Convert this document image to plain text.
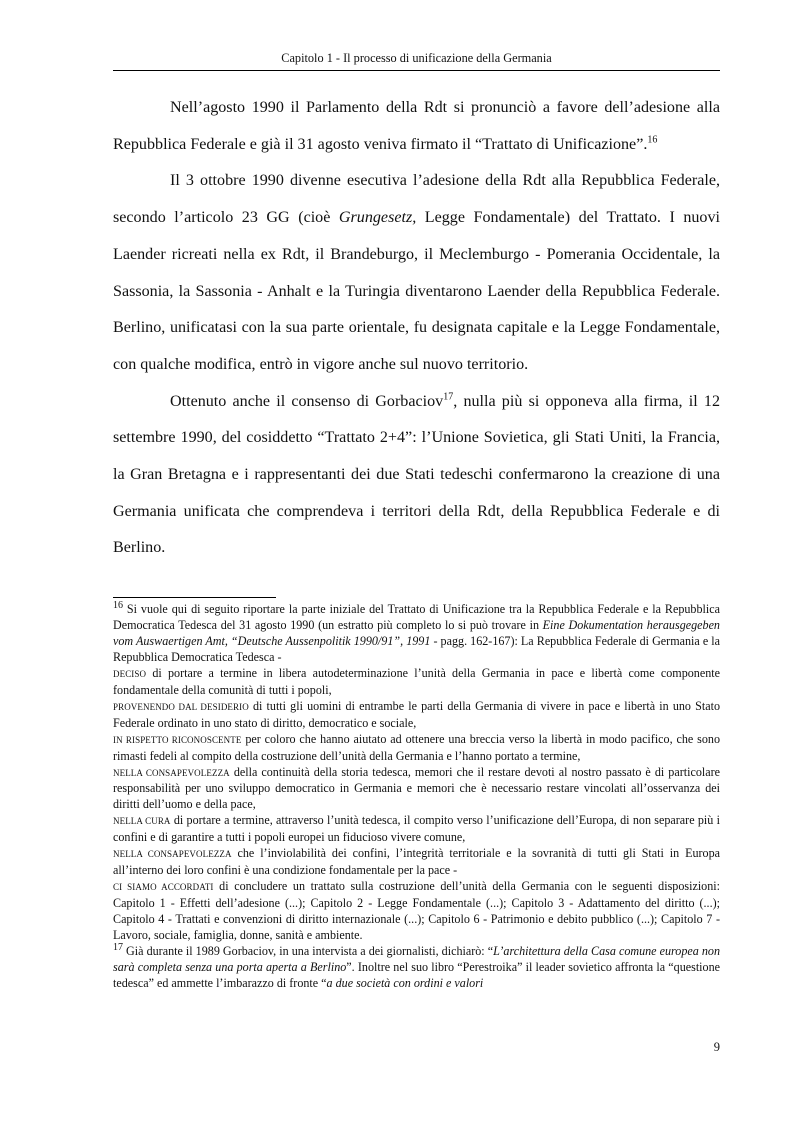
Capitolo 1 - Il processo di unificazione della Germania

Nell’agosto 1990 il Parlamento della Rdt si pronunciò a favore dell’adesione alla Repubblica Federale e già il 31 agosto veniva firmato il “Trattato di Unificazione”.$^{16}$

Il 3 ottobre 1990 divenne esecutiva l’adesione della Rdt alla Repubblica Federale, secondo l’articolo 23 GG (cioè Grungesetz, Legge Fondamentale) del Trattato. I nuovi Laender ricreati nella ex Rdt, il Brandeburgo, il Meclemburgo - Pomerania Occidentale, la Sassonia, la Sassonia - Anhalt e la Turingia diventarono Laender della Repubblica Federale. Berlino, unificatasi con la sua parte orientale, fu designata capitale e la Legge Fondamentale, con qualche modifica, entrò in vigore anche sul nuovo territorio.

Ottenuto anche il consenso di Gorbaciov$^{17}$, nulla più si opponeva alla firma, il 12 settembre 1990, del cosiddetto “Trattato 2+4”: l’Unione Sovietica, gli Stati Uniti, la Francia, la Gran Bretagna e i rappresentanti dei due Stati tedeschi confermarono la creazione di una Germania unificata che comprendeva i territori della Rdt, della Repubblica Federale e di Berlino.

$^{16}$ Si vuole qui di seguito riportare la parte iniziale del Trattato di Unificazione tra la Repubblica Federale e la Repubblica Democratica Tedesca del 31 agosto 1990 (un estratto più completo lo si può trovare in Eine Dokumentation herausgegeben vom Auswaertigen Amt, “Deutsche Aussenpolitik 1990/91”, 1991 - pagg. 162-167): La Repubblica Federale di Germania e la Repubblica Democratica Tedesca -

DECISO di portare a termine in libera autodeterminazione l’unità della Germania in pace e libertà come componente fondamentale della comunità di tutti i popoli,

PROVENENDO DAL DESIDERIO di tutti gli uomini di entrambe le parti della Germania di vivere in pace e libertà in uno Stato Federale ordinato in uno stato di diritto, democratico e sociale,

IN RISPETTO RICONOSCENTE per coloro che hanno aiutato ad ottenere una breccia verso la libertà in modo pacifico, che sono rimasti fedeli al compito della costruzione dell’unità della Germania e l’hanno portato a termine,

NELLA CONSAPEVOLEZZA della continuità della storia tedesca, memori che il restare devoti al nostro passato è di particolare responsabilità per uno sviluppo democratico in Germania e memori che è necessario restare vincolati all’osservanza dei diritti dell’uomo e della pace,

NELLA CURA di portare a termine, attraverso l’unità tedesca, il compito verso l’unificazione dell’Europa, di non separare più i confini e di garantire a tutti i popoli europei un fiducioso vivere comune,

NELLA CONSAPEVOLEZZA che l’inviolabilità dei confini, l’integrità territoriale e la sovranità di tutti gli Stati in Europa all’interno dei loro confini è una condizione fondamentale per la pace -

CI SIAMO ACCORDATI di concludere un trattato sulla costruzione dell’unità della Germania con le seguenti disposizioni: Capitolo 1 - Effetti dell’adesione (...); Capitolo 2 - Legge Fondamentale (...); Capitolo 3 - Adattamento del diritto (...); Capitolo 4 - Trattati e convenzioni di diritto internazionale (...); Capitolo 6 - Patrimonio e debito pubblico (...); Capitolo 7 - Lavoro, sociale, famiglia, donne, sanità e ambiente.

$^{17}$ Già durante il 1989 Gorbaciov, in una intervista a dei giornalisti, dichiarò: “L’architettura della Casa comune europea non sarà completa senza una porta aperta a Berlino”. Inoltre nel suo libro “Perestroika” il leader sovietico affronta la “questione tedesca” ed ammette l’imbarazzo di fronte “a due società con ordini e valori

9
